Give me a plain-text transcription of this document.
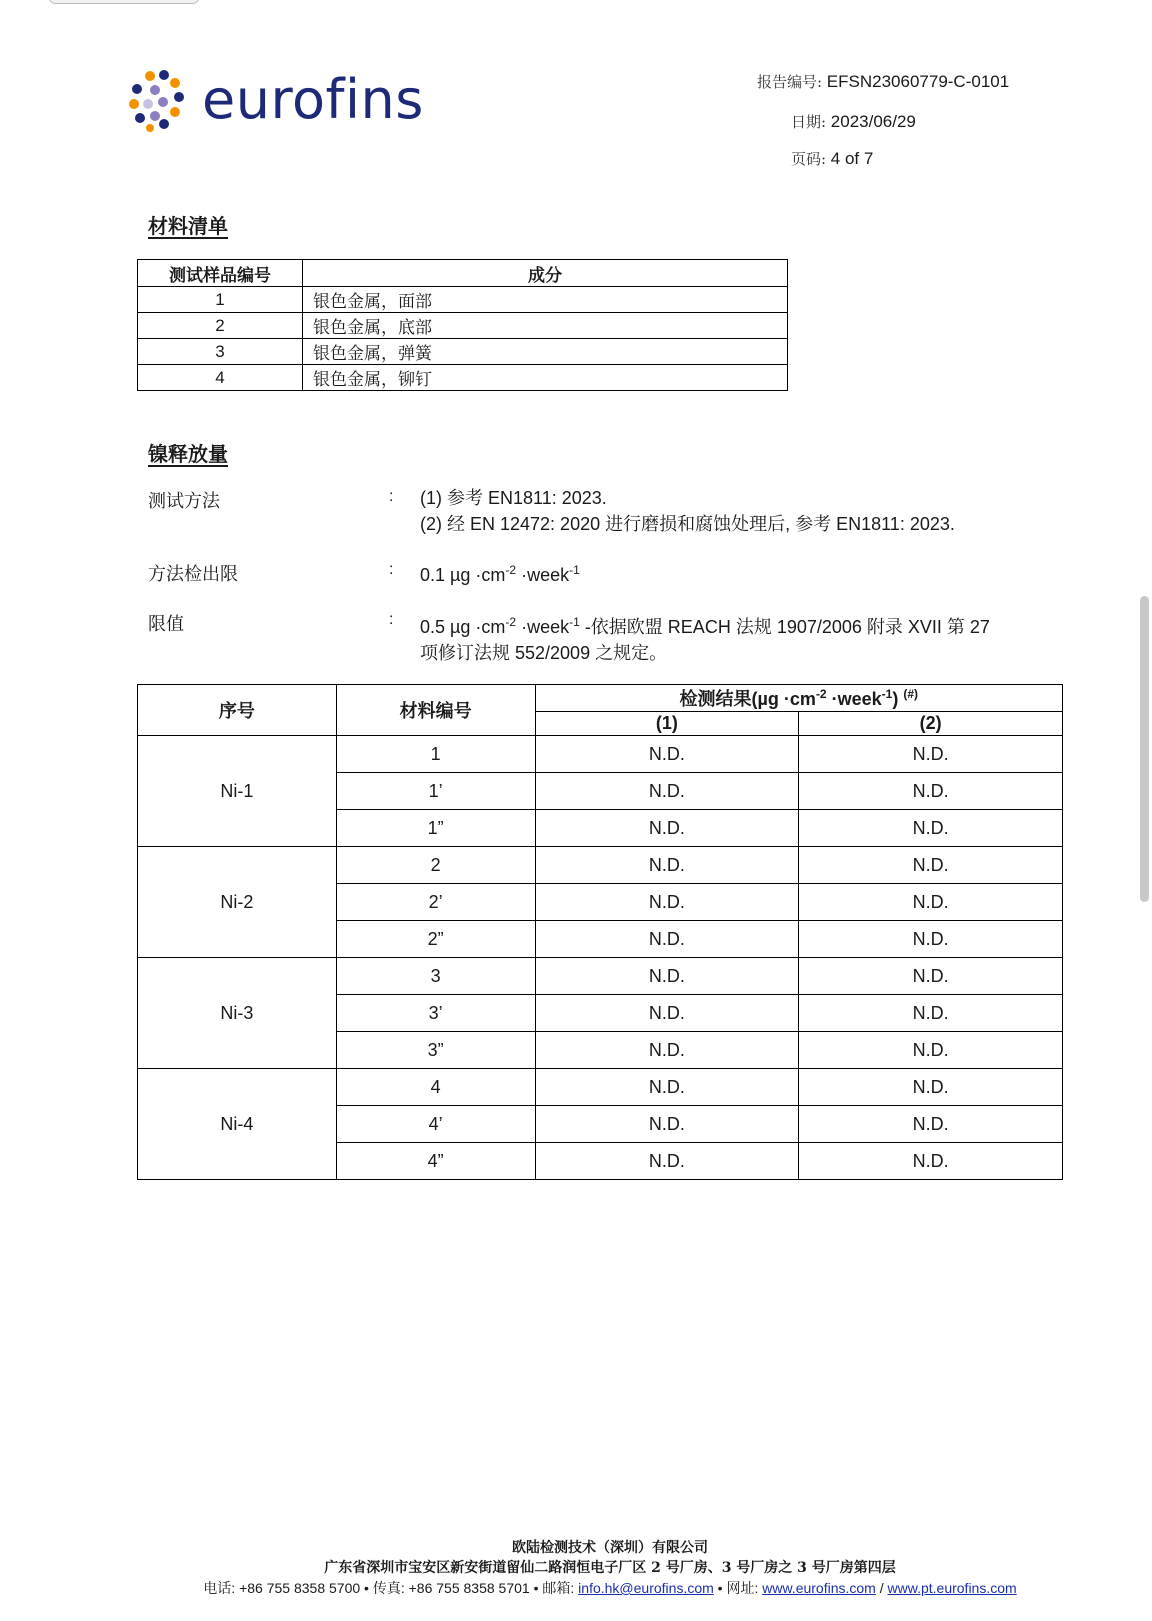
eurofins	报告编号: EFSN23060779-C-0101
日期: 2023/06/29
页码: 4 of 7
材料清单
测试样品编号	成分
1	银色金属，面部
2	银色金属，底部
3	银色金属，弹簧
4	银色金属，铆钉
镍释放量
测试方法	: (1) 参考 EN1811: 2023.
(2) 经 EN 12472: 2020 进行磨损和腐蚀处理后, 参考 EN1811: 2023.
方法检出限	: 0.1 $\mu g \cdot cm^{-2}$ ·week$^{-1}$
限值	: 0.5 $\mu g \cdot cm^{-2}$ ·week$^{-1}$ -依据欧盟 REACH 法规 1907/2006 附录 XVII 第 27
项修订法规 552/2009 之规定。
序号	材料编号	检测结果($\mu g \cdot cm^{-2}$ ·week$^{-1}$) (#)
		(1)	(2)
Ni-1	1	N.D.	N.D.
	1’	N.D.	N.D.
	1”	N.D.	N.D.
Ni-2	2	N.D.	N.D.
	2’	N.D.	N.D.
	2”	N.D.	N.D.
Ni-3	3	N.D.	N.D.
	3’	N.D.	N.D.
	3”	N.D.	N.D.
Ni-4	4	N.D.	N.D.
	4’	N.D.	N.D.
	4”	N.D.	N.D.
欧陆检测技术（深圳）有限公司
广东省深圳市宝安区新安街道留仙二路润恒电子厂区 2 号厂房、3 号厂房之 3 号厂房第四层
电话: +86 755 8358 5700 • 传真: +86 755 8358 5701 • 邮箱: info.hk@eurofins.com • 网址: www.eurofins.com / www.pt.eurofins.com
